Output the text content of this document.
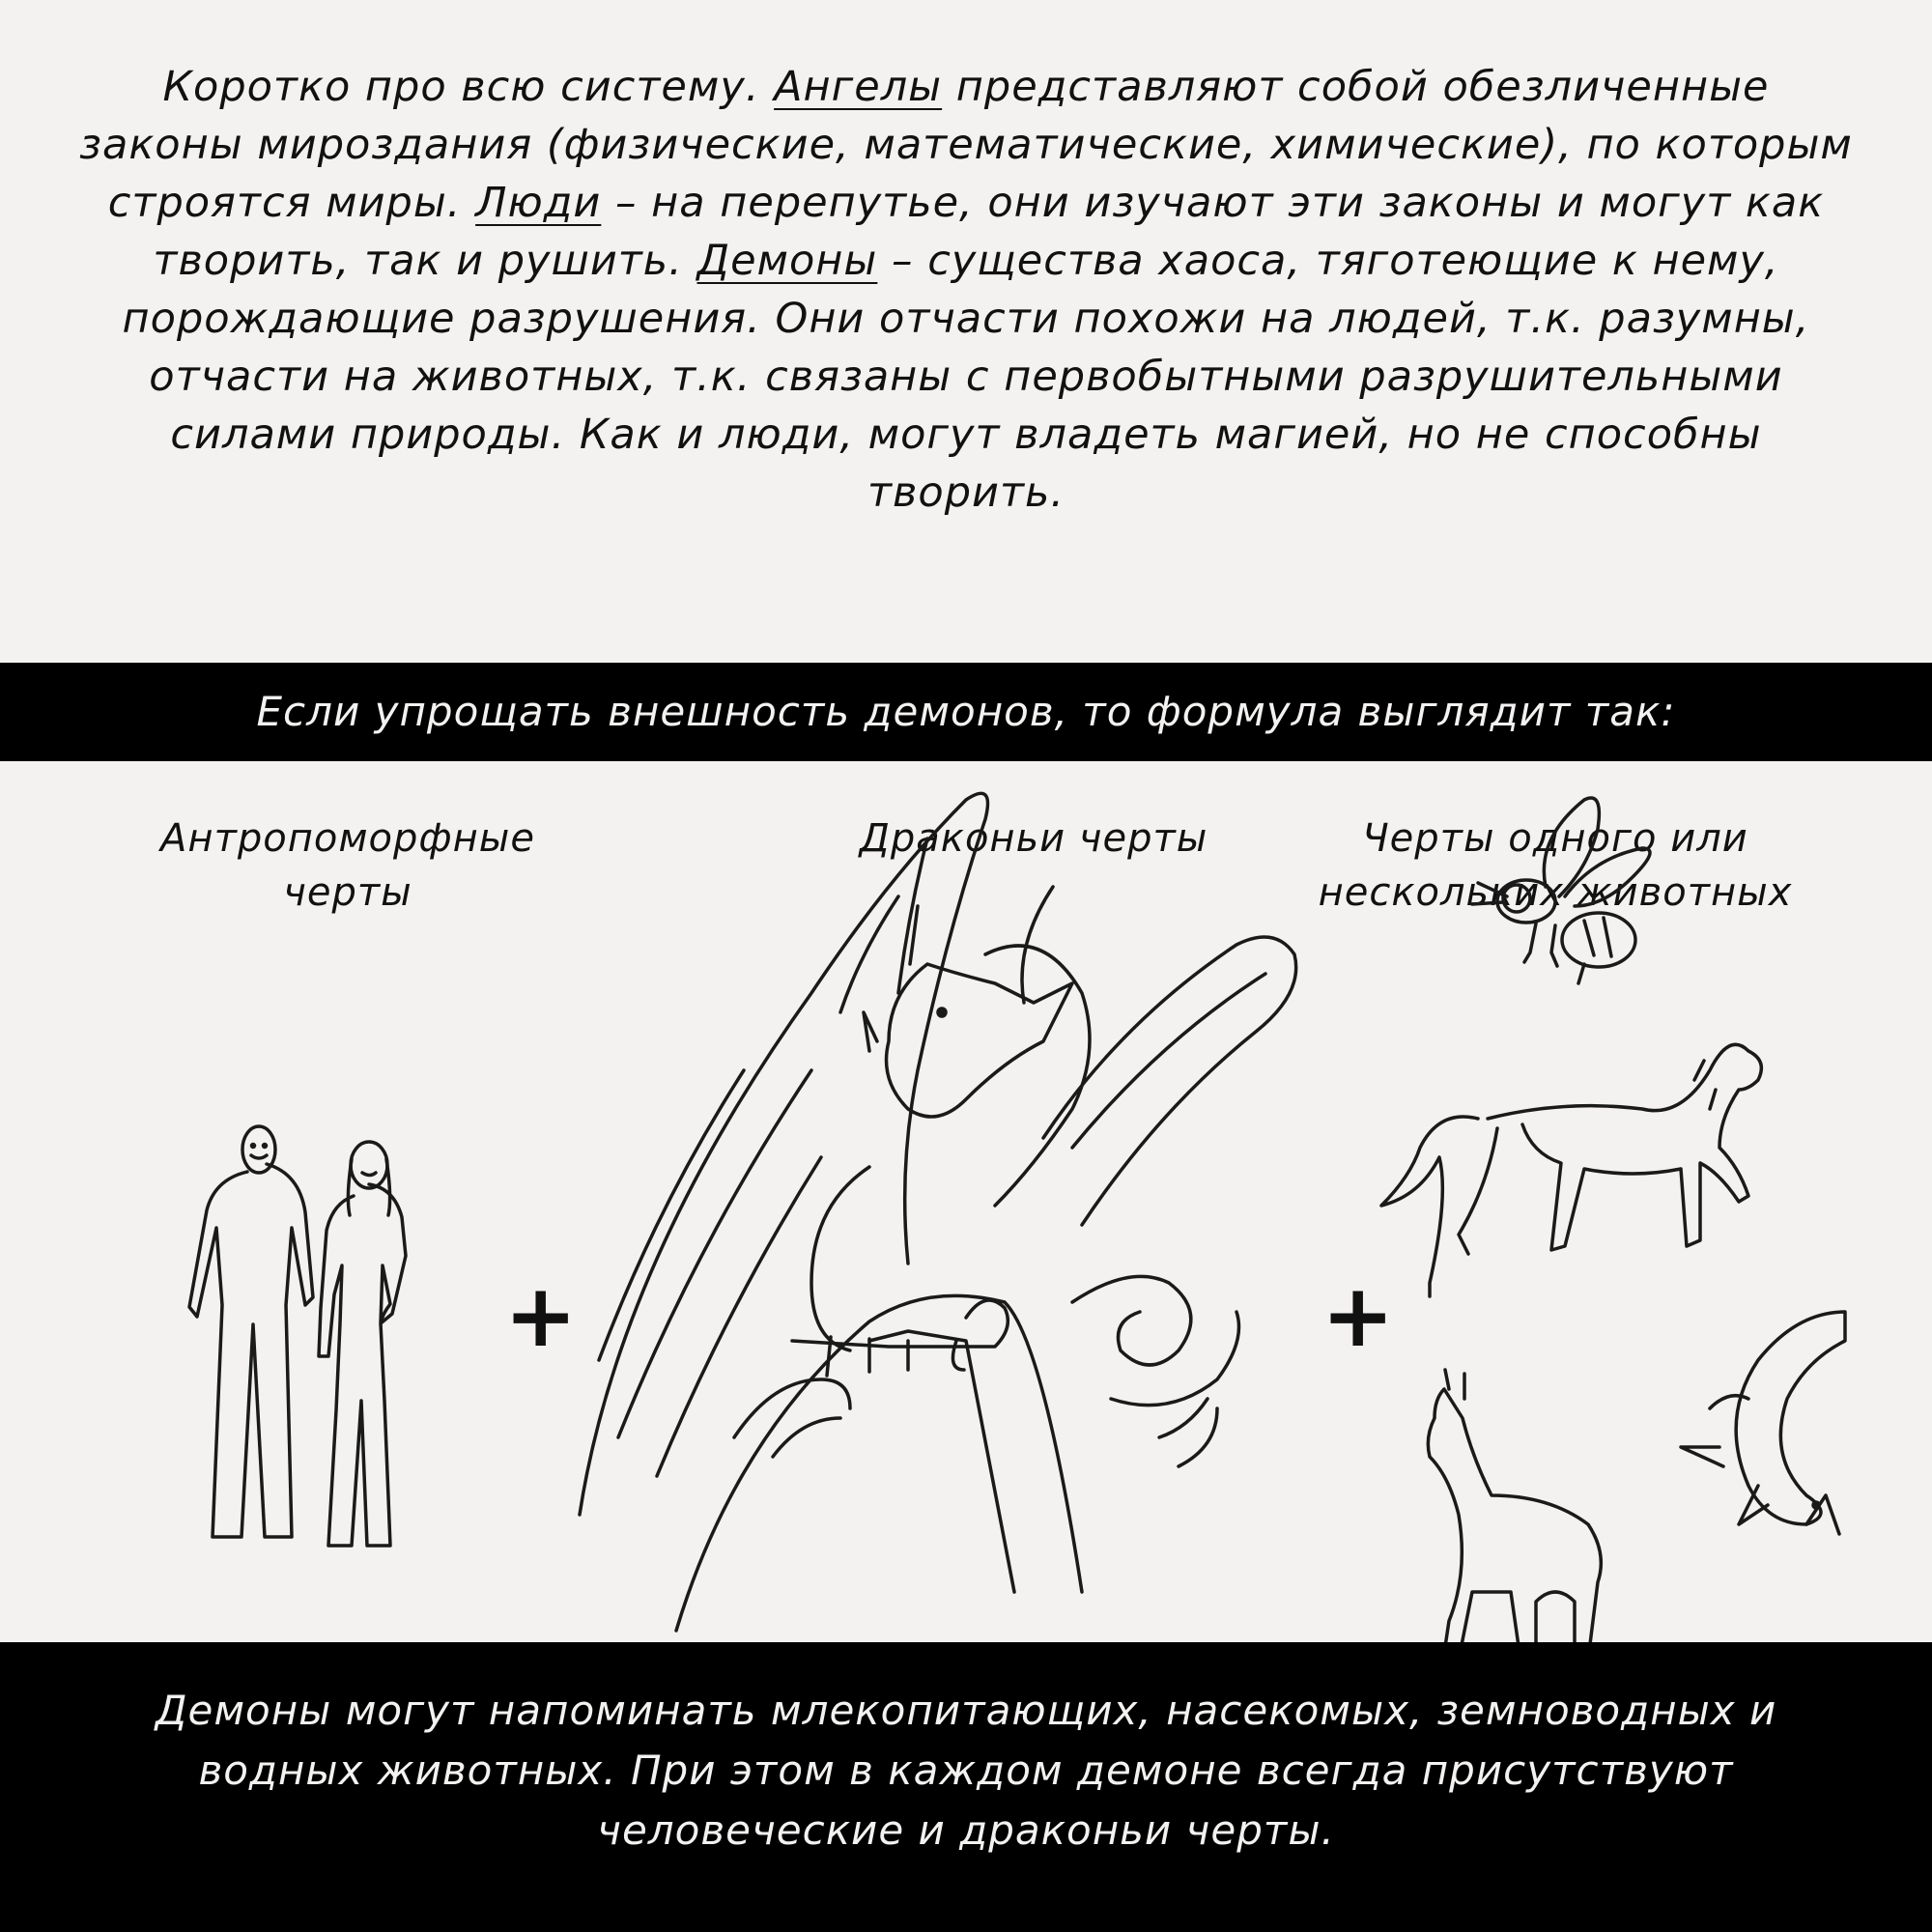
Коротко про всю систему. Ангелы представляют собой обезличенные законы мироздания (физические, математические, химические), по которым строятся миры. Люди – на перепутье, они изучают эти законы и могут как творить, так и рушить. Демоны – существа хаоса, тяготеющие к нему, порождающие разрушения. Они отчасти похожи на людей, т.к. разумны, отчасти на животных, т.к. связаны с первобытными разрушительными силами природы. Как и люди, могут владеть магией, но не способны творить.
Если упрощать внешность демонов, то формула выглядит так:
Антропоморфные черты
Драконьи черты	Черты одного или нескольких животных
+	+
Демоны могут напоминать млекопитающих, насекомых, земноводных и водных животных. При этом в каждом демоне всегда присутствуют человеческие и драконьи черты.
